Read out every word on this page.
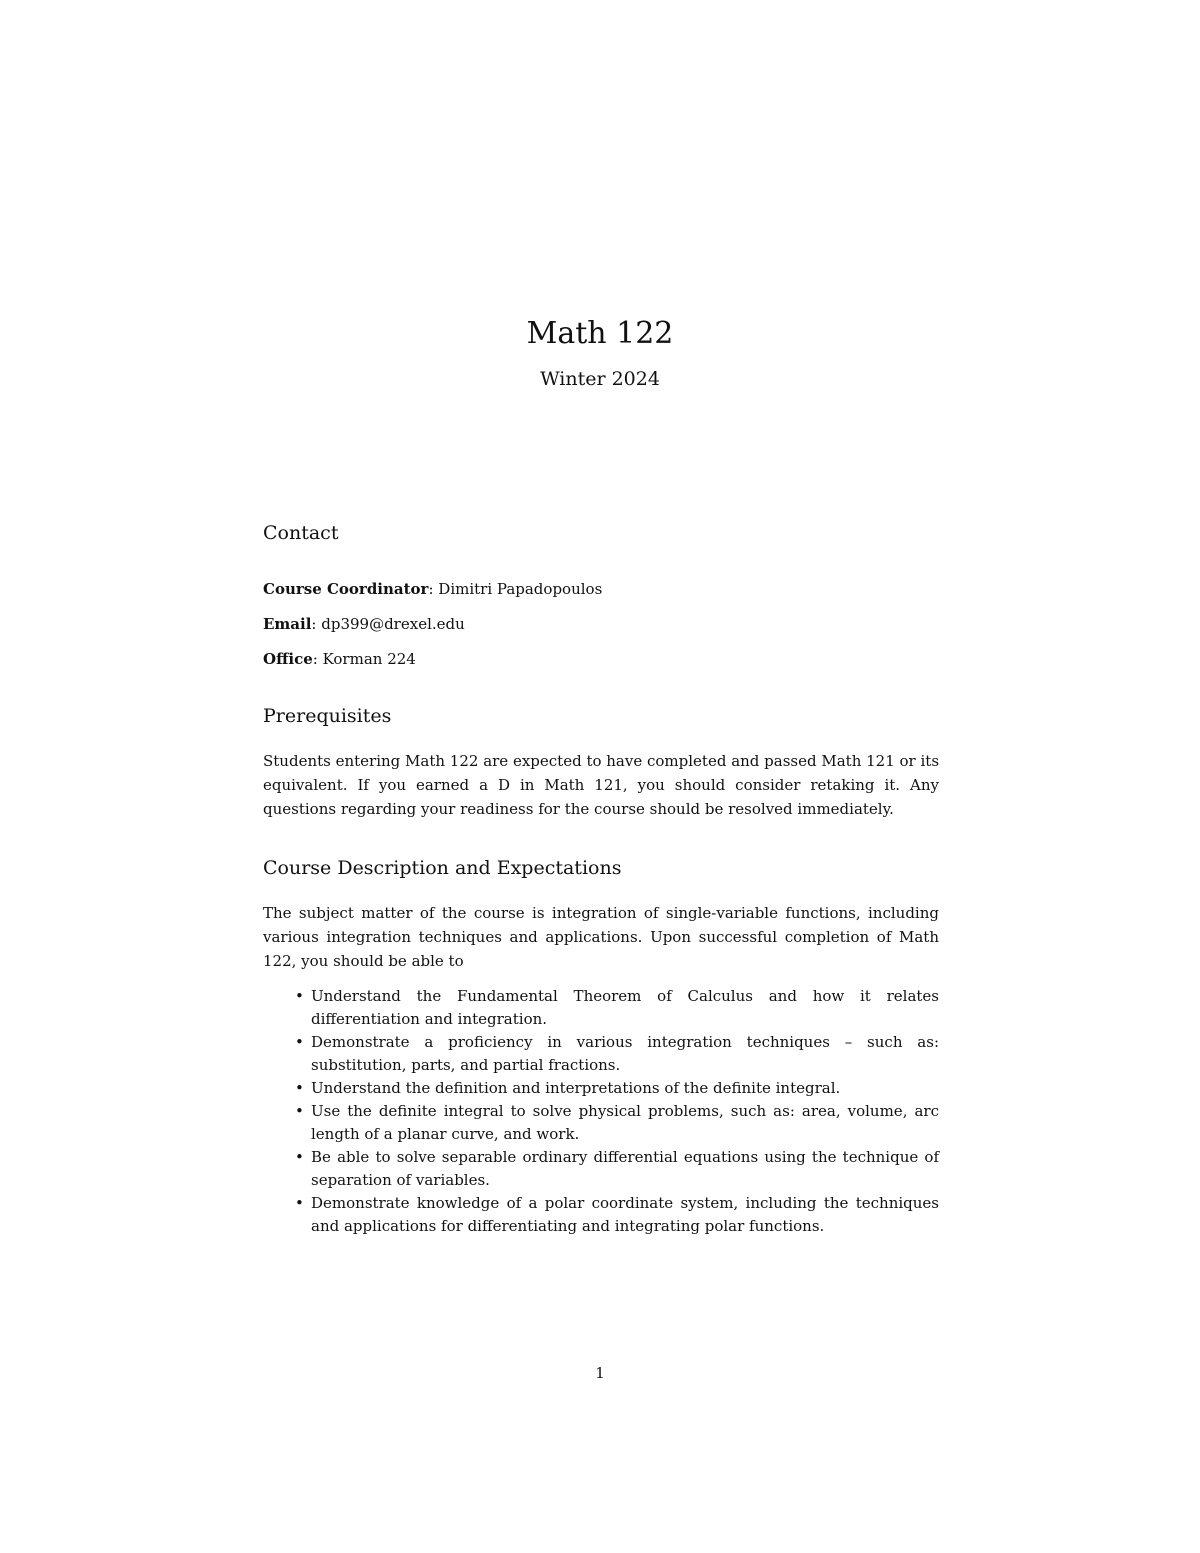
Math 122
Winter 2024
Contact

Course Coordinator: Dimitri Papadopoulos

Email: dp399@drexel.edu

Office: Korman 224

Prerequisites

Students entering Math 122 are expected to have completed and passed Math 121 or its equivalent. If you earned a D in Math 121, you should consider retaking it. Any questions regarding your readiness for the course should be resolved immediately.

Course Description and Expectations

The subject matter of the course is integration of single-variable functions, including various integration techniques and applications. Upon successful completion of Math 122, you should be able to

• Understand the Fundamental Theorem of Calculus and how it relates differentiation and integration.
• Demonstrate a proficiency in various integration techniques – such as: substitution, parts, and partial fractions.
• Understand the definition and interpretations of the definite integral.
• Use the definite integral to solve physical problems, such as: area, volume, arc length of a planar curve, and work.
• Be able to solve separable ordinary differential equations using the technique of separation of variables.
• Demonstrate knowledge of a polar coordinate system, including the techniques and applications for differentiating and integrating polar functions.
1
